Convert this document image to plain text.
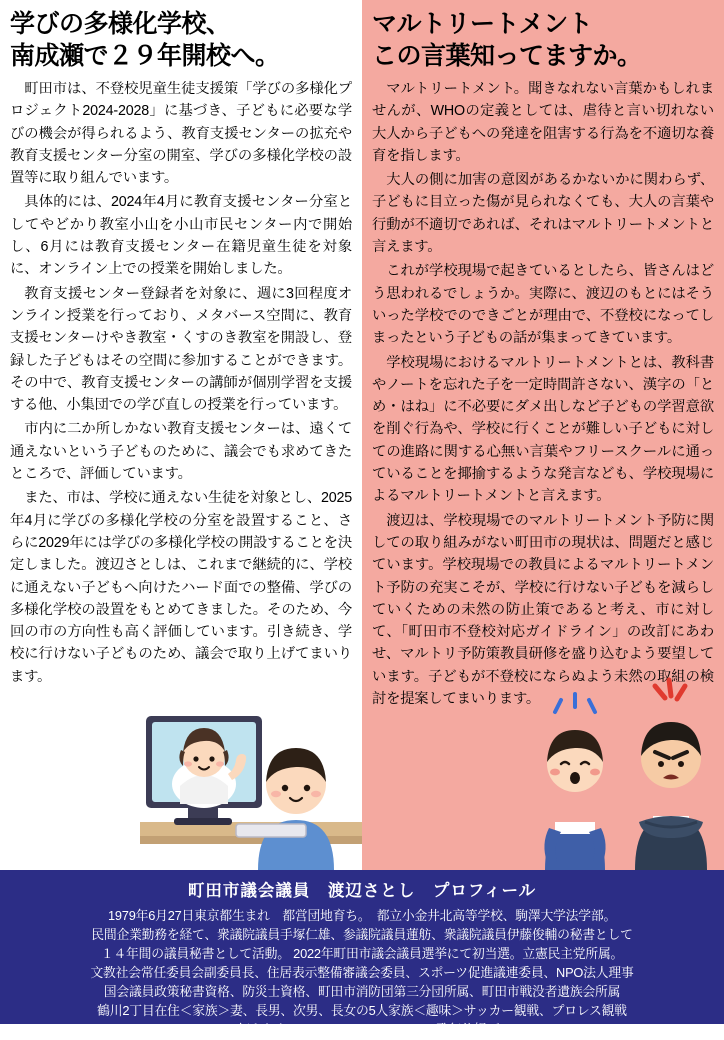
学びの多様化学校、
南成瀬で２９年開校へ。

町田市は、不登校児童生徒支援策「学びの多様化プロジェクト2024-2028」に基づき、子どもに必要な学びの機会が得られるよう、教育支援センターの拡充や教育支援センター分室の開室、学びの多様化学校の設置等に取り組んでいます。

具体的には、2024年4月に教育支援センター分室としてやどかり教室小山を小山市民センター内で開始し、6月には教育支援センター在籍児童生徒を対象に、オンライン上での授業を開始しました。

教育支援センター登録者を対象に、週に3回程度オンライン授業を行っており、メタバース空間に、教育支援センターけやき教室・くすのき教室を開設し、登録した子どもはその空間に参加することができます。その中で、教育支援センターの講師が個別学習を支援する他、小集団での学び直しの授業を行っています。

市内に二か所しかない教育支援センターは、遠くて通えないという子どものために、議会でも求めてきたところで、評価しています。

また、市は、学校に通えない生徒を対象とし、2025年4月に学びの多様化学校の分室を設置すること、さらに2029年には学びの多様化学校の開設することを決定しました。渡辺さとしは、これまで継続的に、学校に通えない子どもへ向けたハード面での整備、学びの多様化学校の設置をもとめてきました。そのため、今回の市の方向性も高く評価しています。引き続き、学校に行けない子どものため、議会で取り上げてまいります。

マルトリートメント
この言葉知ってますか。

マルトリートメント。聞きなれない言葉かもしれませんが、WHOの定義としては、虐待と言い切れない大人から子どもへの発達を阻害する行為を不適切な養育を指します。

大人の側に加害の意図があるかないかに関わらず、子どもに目立った傷が見られなくても、大人の言葉や行動が不適切であれば、それはマルトリートメントと言えます。

これが学校現場で起きているとしたら、皆さんはどう思われるでしょうか。実際に、渡辺のもとにはそういった学校でのできごとが理由で、不登校になってしまったという子どもの話が集まってきています。

学校現場におけるマルトリートメントとは、教科書やノートを忘れた子を一定時間許さない、漢字の「とめ・はね」に不必要にダメ出しなど子どもの学習意欲を削ぐ行為や、学校に行くことが難しい子どもに対しての進路に関する心無い言葉やフリースクールに通っていることを揶揄するような発言なども、学校現場によるマルトリートメントと言えます。

渡辺は、学校現場でのマルトリートメント予防に関しての取り組みがない町田市の現状は、問題だと感じています。学校現場での教員によるマルトリートメント予防の充実こそが、学校に行けない子どもを減らしていくための未然の防止策であると考え、市に対して、「町田市不登校対応ガイドライン」の改訂にあわせ、マルトリ予防策教員研修を盛り込むよう要望しています。子どもが不登校にならぬよう未然の取組の検討を提案してまいります。

町田市議会議員　渡辺さとし　プロフィール
1979年6月27日東京都生まれ　都営団地育ち。　都立小金井北高等学校、駒澤大学法学部。
民間企業勤務を経て、衆議院議員手塚仁雄、参議院議員蓮舫、衆議院議員伊藤俊輔の秘書として
１４年間の議員秘書として活動。 2022年町田市議会議員選挙にて初当選。立憲民主党所属。
文教社会常任委員会副委員長、住居表示整備審議会委員、スポーツ促進議連委員、NPO法人理事
国会議員政策秘書資格、防災士資格、町田市消防団第三分団所属、町田市戦没者遺族会所属
鶴川2丁目在住＜家族＞妻、長男、次男、長女の5人家族＜趣味＞サッカー観戦、プロレス観戦
＜好きなもの＞ラーメン、コーヒー、歌舞伎揚げ
